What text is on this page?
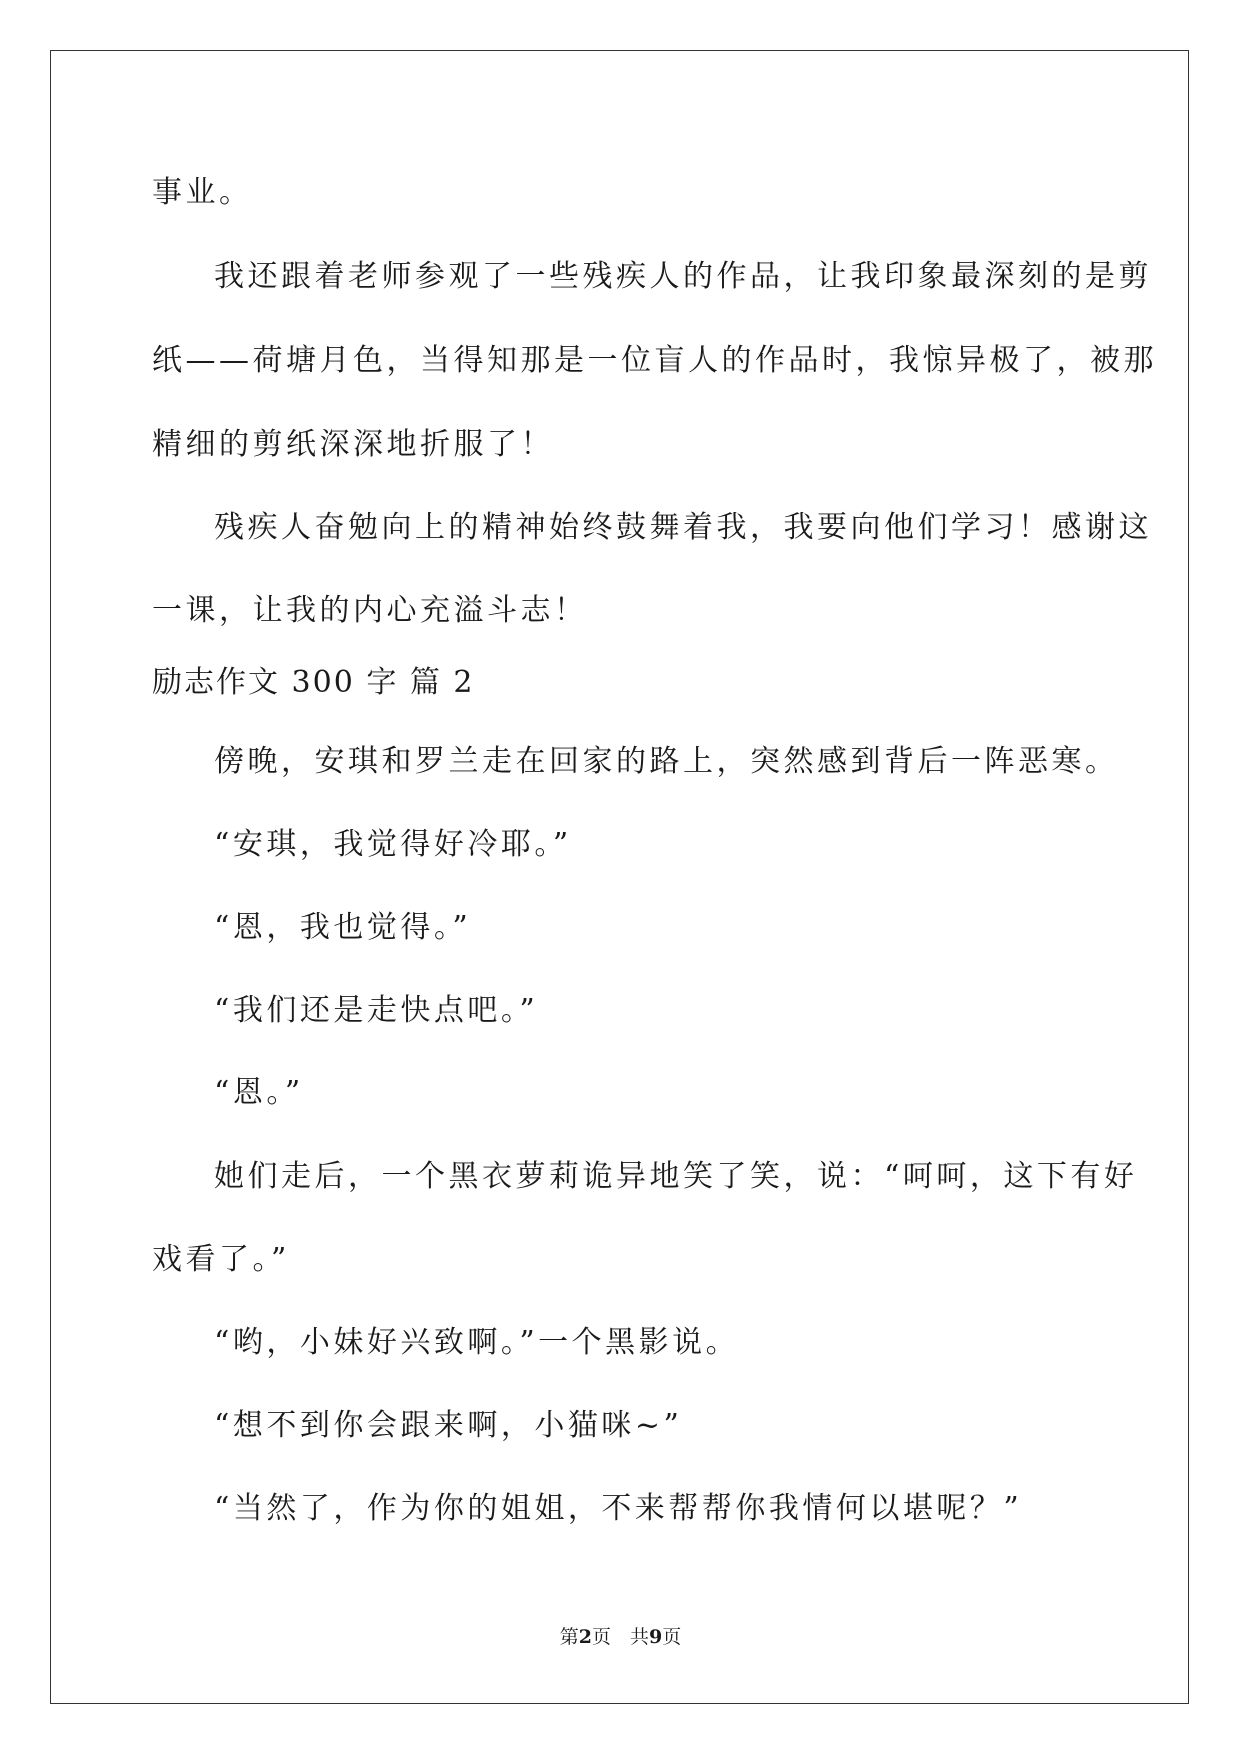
事业。
我还跟着老师参观了一些残疾人的作品，让我印象最深刻的是剪
纸——荷塘月色，当得知那是一位盲人的作品时，我惊异极了，被那
精细的剪纸深深地折服了！
残疾人奋勉向上的精神始终鼓舞着我，我要向他们学习！感谢这
一课，让我的内心充溢斗志！
励志作文 300 字 篇 2
傍晚，安琪和罗兰走在回家的路上，突然感到背后一阵恶寒。
“安琪，我觉得好冷耶。”
“恩，我也觉得。”
“我们还是走快点吧。”
“恩。”
她们走后，一个黑衣萝莉诡异地笑了笑，说：“呵呵，这下有好
戏看了。”
“哟，小妹好兴致啊。”一个黑影说。
“想不到你会跟来啊，小猫咪~”
“当然了，作为你的姐姐，不来帮帮你我情何以堪呢？”
第2页　共9页
